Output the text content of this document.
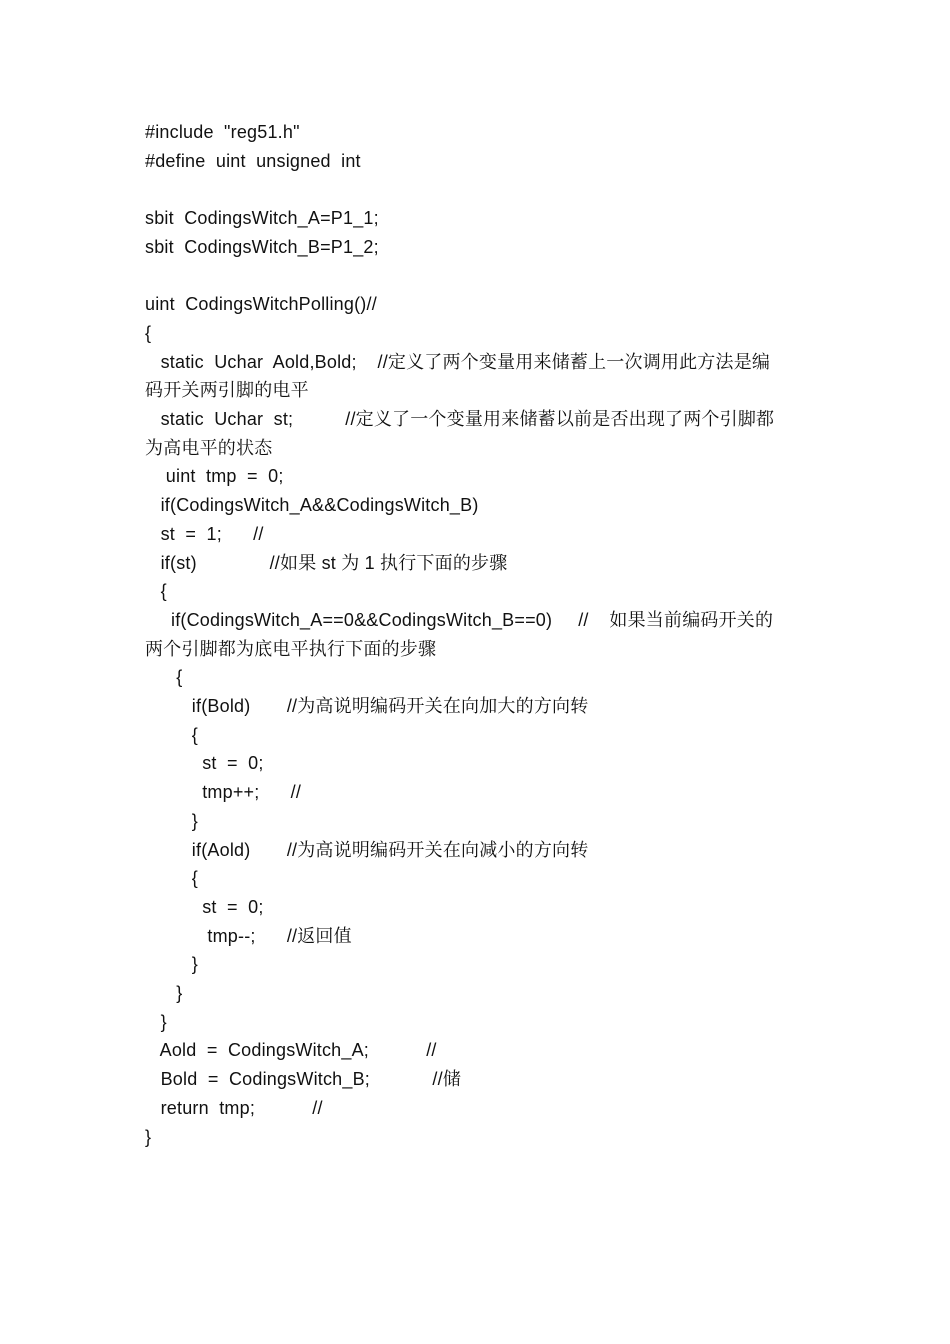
#include  "reg51.h"
#define  uint  unsigned  int
sbit  CodingsWitch_A=P1_1;
sbit  CodingsWitch_B=P1_2;
uint  CodingsWitchPolling()//
{
static  Uchar  Aold,Bold;    //定义了两个变量用来储蓄上一次调用此方法是编
码开关两引脚的电平
static  Uchar  st;          //定义了一个变量用来储蓄以前是否出现了两个引脚都
为高电平的状态
uint  tmp  =  0;
if(CodingsWitch_A&&CodingsWitch_B)
st  =  1;      //
if(st)              //如果 st 为 1 执行下面的步骤
{
if(CodingsWitch_A==0&&CodingsWitch_B==0)     //    如果当前编码开关的
两个引脚都为底电平执行下面的步骤
{
if(Bold)       //为高说明编码开关在向加大的方向转
{
st  =  0;
tmp++;      //
}
if(Aold)       //为高说明编码开关在向减小的方向转
{
st  =  0;
tmp--;      //返回值
}
}
}
Aold  =  CodingsWitch_A;           //
Bold  =  CodingsWitch_B;            //储
return  tmp;           //
}
